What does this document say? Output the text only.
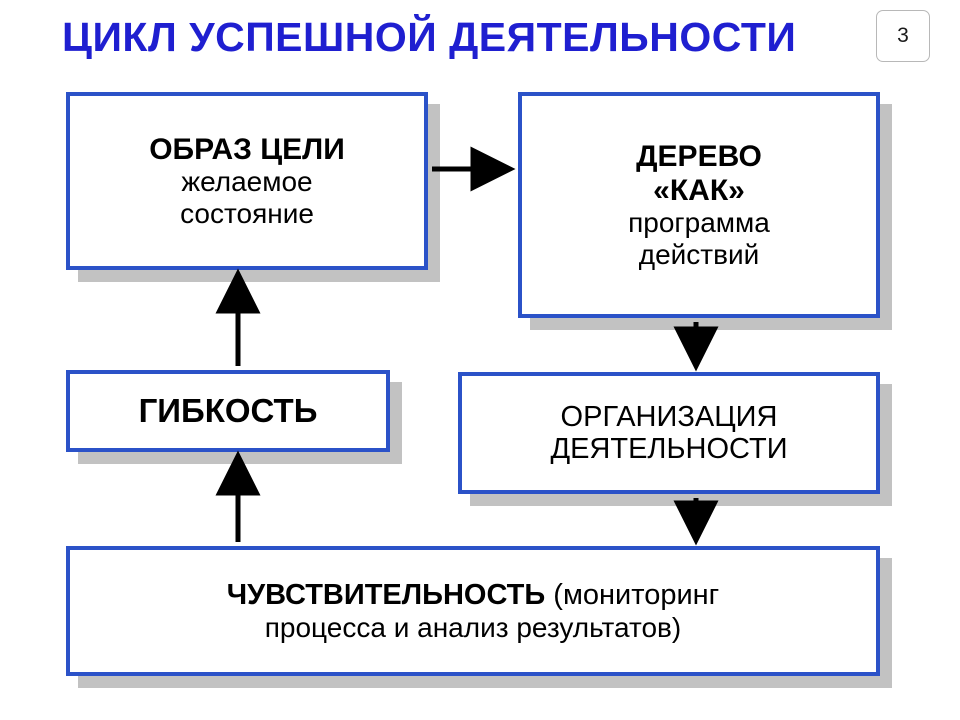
ЦИКЛ УСПЕШНОЙ ДЕЯТЕЛЬНОСТИ	3
ОБРАЗ ЦЕЛИ
желаемое
состояние
ДЕРЕВО
«КАК»
программа
действий
ГИБКОСТЬ	ОРГАНИЗАЦИЯ
ДЕЯТЕЛЬНОСТИ
ЧУВСТВИТЕЛЬНОСТЬ (мониторинг
процесса и анализ результатов)
